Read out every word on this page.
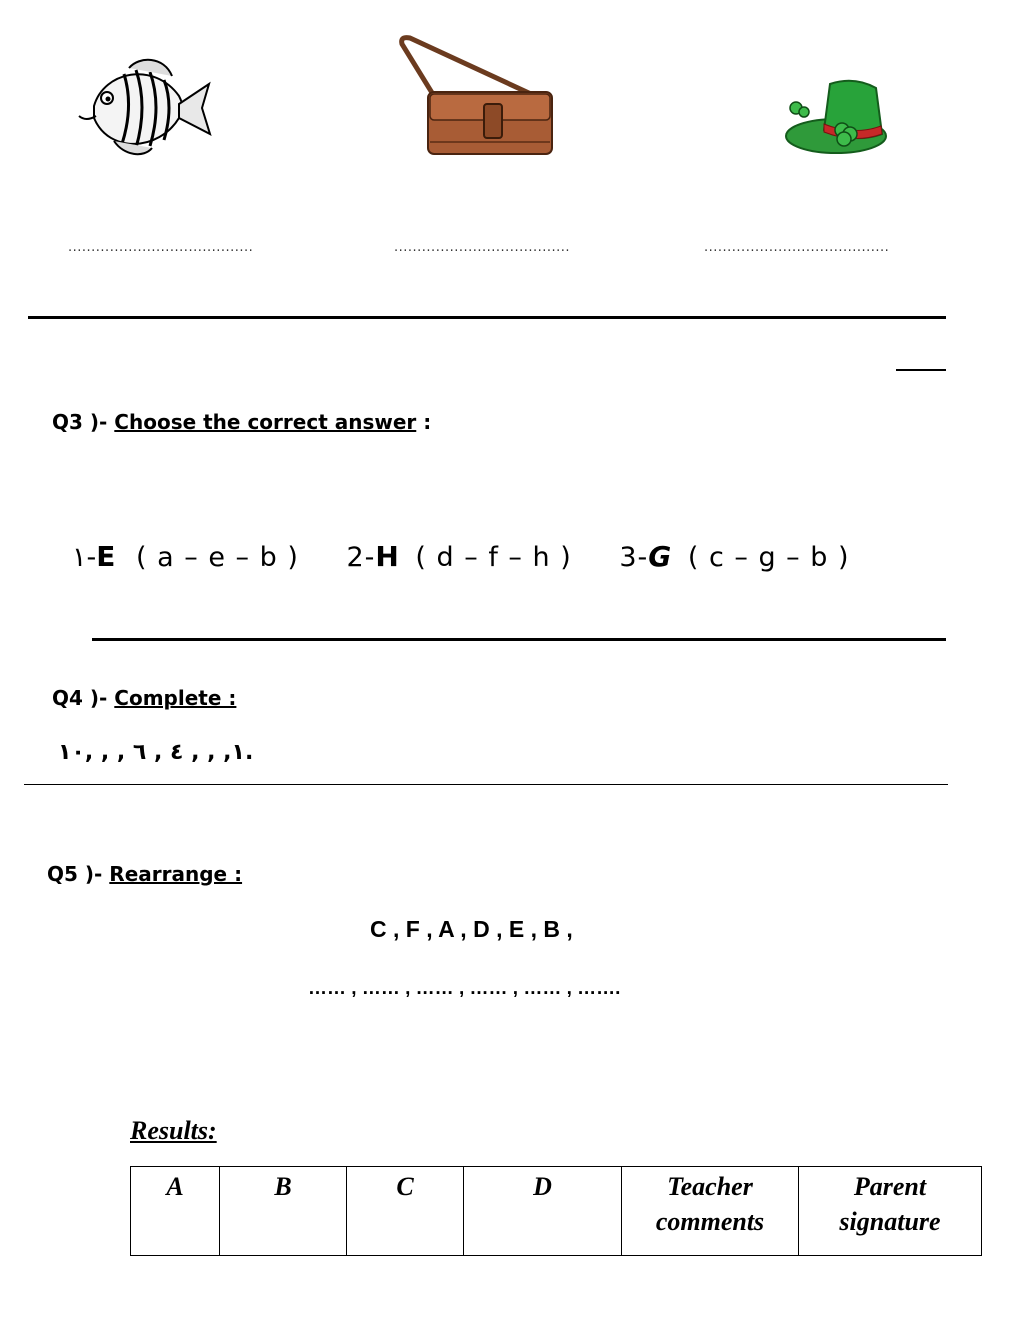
........................................	......................................	........................................
Q3 )- Choose the correct answer :
١-E ( a – e – b ) 2-H ( d – f – h ) 3-G ( c – g – b )
Q4 )- Complete :
١, , , ٤ , ٦ , , ,١٠.
Q5 )- Rearrange :
C , F , A , D , E , B ,
…… , …… , …… , …… , …… , …….
Results:
A	B	C	D	Teacher comments	Parent signature
